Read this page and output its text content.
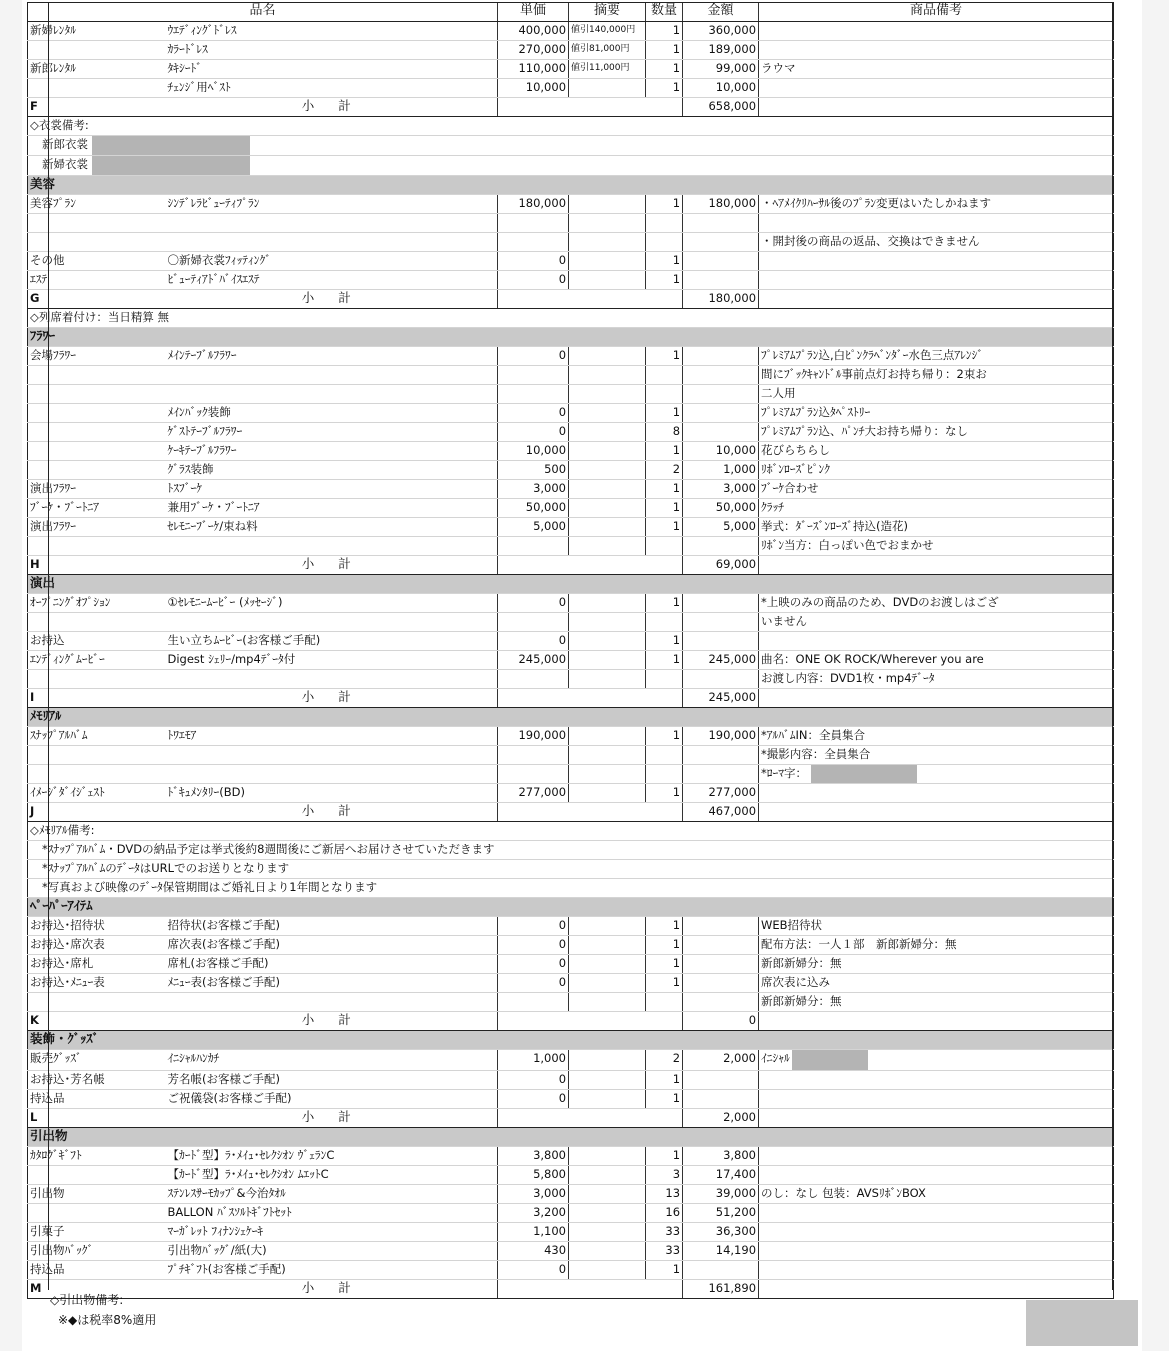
品名		単価	摘要	数量	金額	商品備考
新婦ﾚﾝﾀﾙ	ｳｴﾃﾞｨﾝｸﾞﾄﾞﾚｽ	400,000	値引140,000円	1	360,000	
	ｶﾗｰﾄﾞﾚｽ	270,000	値引81,000円	1	189,000	
新郎ﾚﾝﾀﾙ	ﾀｷｼｰﾄﾞ	110,000	値引11,000円	1	99,000	ラウマ
	ﾁｪﾝｼﾞ用ﾍﾞｽﾄ	10,000		1	10,000	
F	小 計				658,000	
◇衣裳備考:						
新郎衣裳						
新婦衣裳						
美容						
美容ﾌﾟﾗﾝ	ｼﾝﾃﾞﾚﾗﾋﾞｭｰﾃｨﾌﾟﾗﾝ	180,000		1	180,000	・ﾍｱﾒｲｸﾘﾊｰｻﾙ後のﾌﾟﾗﾝ変更はいたしかねます

						・開封後の商品の返品、交換はできません
その他	〇新婦衣裳ﾌｨｯﾃｨﾝｸﾞ	0		1		
ｴｽﾃ	ﾋﾞｭｰﾃｨｱﾄﾞﾊﾞｲｽｴｽﾃ	0		1		
G	小 計				180,000	
◇列席着付け：当日精算 無						
ﾌﾗﾜｰ						
会場ﾌﾗﾜｰ	ﾒｲﾝﾃｰﾌﾞﾙﾌﾗﾜｰ	0		1		ﾌﾟﾚﾐｱﾑﾌﾟﾗﾝ込,白ﾋﾟﾝｸﾗﾍﾞﾝﾀﾞｰ水色三点ｱﾚﾝｼﾞ
						間にﾌﾞｯｸｷｬﾝﾄﾞﾙ事前点灯お持ち帰り：2束お
						二人用
	ﾒｲﾝﾊﾞｯｸ装飾	0		1		ﾌﾟﾚﾐｱﾑﾌﾟﾗﾝ込ﾀﾍﾟｽﾄﾘｰ
	ｹﾞｽﾄﾃｰﾌﾞﾙﾌﾗﾜｰ	0		8		ﾌﾟﾚﾐｱﾑﾌﾟﾗﾝ込、ﾊﾟﾝﾁ大お持ち帰り：なし
	ｹｰｷﾃｰﾌﾞﾙﾌﾗﾜｰ	10,000		1	10,000	花びらちらし
	ｸﾞﾗｽ装飾	500		2	1,000	ﾘﾎﾞﾝﾛｰｽﾞﾋﾟﾝｸ
演出ﾌﾗﾜｰ	ﾄｽﾌﾞｰｹ	3,000		1	3,000	ﾌﾞｰｹ合わせ
ﾌﾞｰｹ・ﾌﾞｰﾄﾆｱ	兼用ﾌﾞｰｹ・ﾌﾞｰﾄﾆｱ	50,000		1	50,000	ｸﾗｯﾁ
演出ﾌﾗﾜｰ	ｾﾚﾓﾆｰﾌﾞｰｹ/束ね料	5,000		1	5,000	挙式：ﾀﾞｰｽﾞﾝﾛｰｽﾞ持込(造花)
						ﾘﾎﾞﾝ当方：白っぽい色でおまかせ
H	小 計				69,000	
演出						
ｵｰﾌﾟﾆﾝｸﾞｵﾌﾟｼｮﾝ	①ｾﾚﾓﾆｰﾑｰﾋﾞｰ (ﾒｯｾｰｼﾞ)	0		1		*上映のみの商品のため、DVDのお渡しはござ
						いません
お持込	生い立ちﾑｰﾋﾞｰ(お客様ご手配)	0		1		
ｴﾝﾃﾞｨﾝｸﾞﾑｰﾋﾞｰ	Digest ｼｪﾘｰ/mp4ﾃﾞｰﾀ付	245,000		1	245,000	曲名：ONE OK ROCK/Wherever you are
						お渡し内容：DVD1枚・mp4ﾃﾞｰﾀ
I	小 計				245,000	
ﾒﾓﾘｱﾙ						
ｽﾅｯﾌﾟｱﾙﾊﾞﾑ	ﾄﾜｴﾓｱ	190,000		1	190,000	*ｱﾙﾊﾞﾑIN：全員集合
						*撮影内容：全員集合
						*ﾛｰﾏ字：
ｲﾒｰｼﾞﾀﾞｲｼﾞｪｽﾄ	ﾄﾞｷｭﾒﾝﾀﾘｰ(BD)	277,000		1	277,000	
J	小 計				467,000	
◇ﾒﾓﾘｱﾙ備考:						
*ｽﾅｯﾌﾟｱﾙﾊﾞﾑ・DVDの納品予定は挙式後約8週間後にご新居へお届けさせていただきます						
*ｽﾅｯﾌﾟｱﾙﾊﾞﾑのﾃﾞｰﾀはURLでのお送りとなります						
*写真および映像のﾃﾞｰﾀ保管期間はご婚礼日より1年間となります						
ﾍﾟｰﾊﾟｰｱｲﾃﾑ						
お持込･招待状	招待状(お客様ご手配)	0		1		WEB招待状
お持込･席次表	席次表(お客様ご手配)	0		1		配布方法：一人１部　新郎新婦分：無
お持込･席札	席札(お客様ご手配)	0		1		新郎新婦分：無
お持込･ﾒﾆｭｰ表	ﾒﾆｭｰ表(お客様ご手配)	0		1		席次表に込み
						新郎新婦分：無
K	小 計				0	
装飾・ｸﾞｯｽﾞ						
販売ｸﾞｯｽﾞ	ｲﾆｼｬﾙﾊﾝｶﾁ	1,000		2	2,000	ｲﾆｼｬﾙ
お持込･芳名帳	芳名帳(お客様ご手配)	0		1		
持込品	ご祝儀袋(お客様ご手配)	0		1		
L	小 計				2,000	
引出物						
ｶﾀﾛｸﾞｷﾞﾌﾄ	【ｶｰﾄﾞ型】ﾗ･ﾒｲｭ･ｾﾚｸｼｵﾝ ｳﾞｪﾗﾝC	3,800		1	3,800	
	【ｶｰﾄﾞ型】ﾗ･ﾒｲｭ･ｾﾚｸｼｵﾝ ﾑｴｯﾄC	5,800		3	17,400	
引出物	ｽﾃﾝﾚｽｻｰﾓｶｯﾌﾟ&今治ﾀｵﾙ	3,000		13	39,000	のし：なし 包装：AVSﾘﾎﾞﾝBOX
	BALLON ﾊﾞｽｿﾙﾄｷﾞﾌﾄｾｯﾄ	3,200		16	51,200	
引菓子	ﾏｰｶﾞﾚｯﾄ ﾌｨﾅﾝｼｪｹｰｷ	1,100		33	36,300	
引出物ﾊﾞｯｸﾞ	引出物ﾊﾞｯｸﾞ/紙(大)	430		33	14,190	
持込品	ﾌﾟﾁｷﾞﾌﾄ(お客様ご手配)	0		1		
M	小 計				161,890	
◇引出物備考:
※◆は税率8%適用
